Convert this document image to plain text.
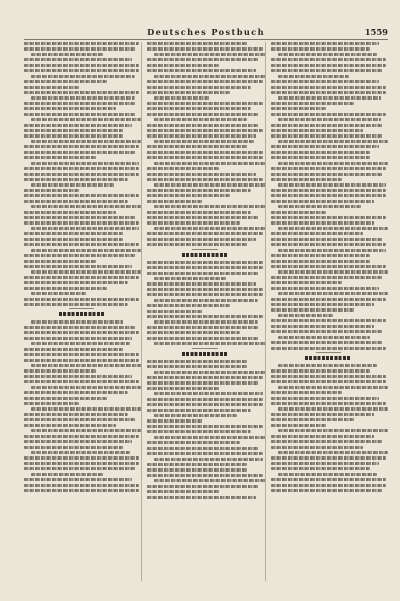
Deutsches Postbuch	1559
